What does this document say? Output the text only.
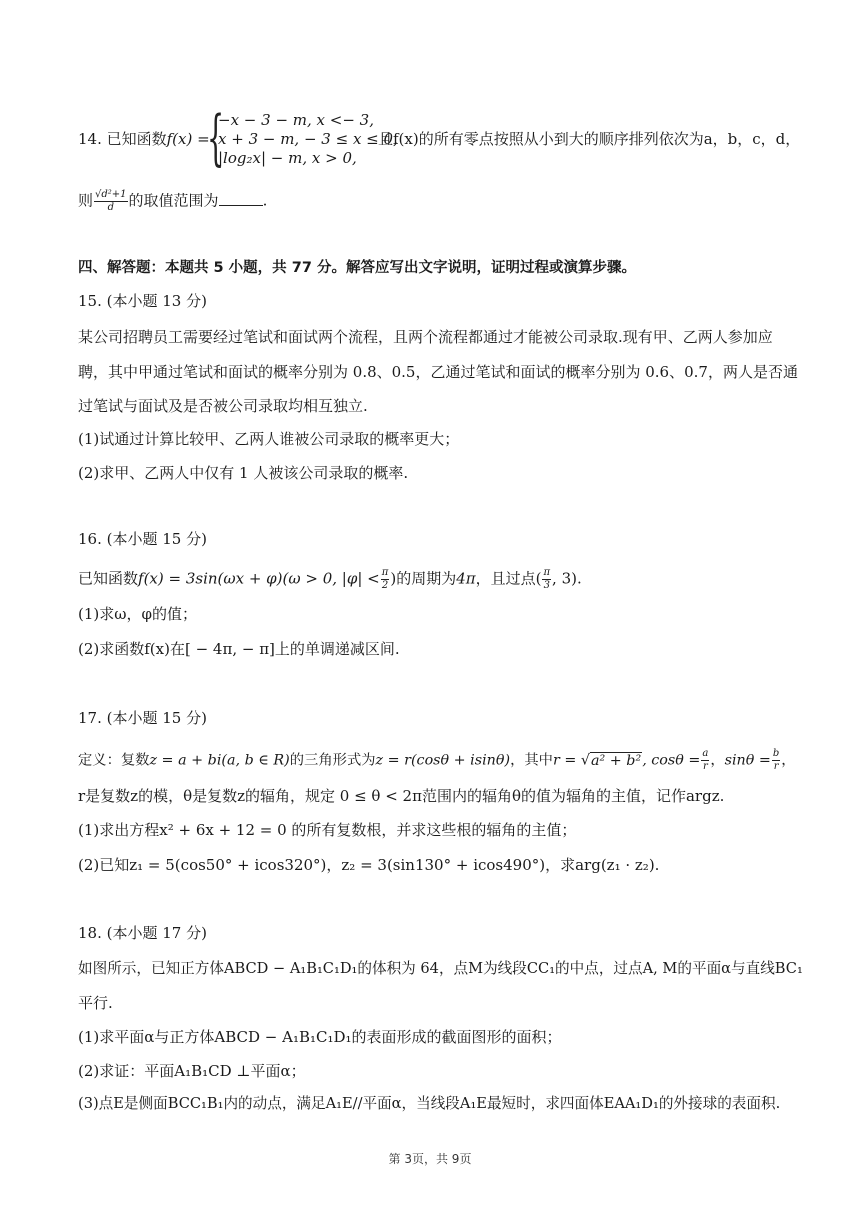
14. 已知函数f(x) =
{
−x − 3 − m, x <− 3,
x + 3 − m, − 3 ≤ x ≤ 0,
|log₂x| − m, x > 0,
且f(x)的所有零点按照从小到大的顺序排列依次为a，b，c，d，
则 $\frac{\text{√d²+1}}{d}$ 的取值范围为	.
四、解答题：本题共 5 小题，共 77 分。解答应写出文字说明，证明过程或演算步骤。
15. (本小题 13 分)
某公司招聘员工需要经过笔试和面试两个流程，且两个流程都通过才能被公司录取.现有甲、乙两人参加应
聘，其中甲通过笔试和面试的概率分别为 0.8、0.5，乙通过笔试和面试的概率分别为 0.6、0.7，两人是否通
过笔试与面试及是否被公司录取均相互独立.
(1)试通过计算比较甲、乙两人谁被公司录取的概率更大；
(2)求甲、乙两人中仅有 1 人被该公司录取的概率.
16. (本小题 15 分)
已知函数f(x) = 3sin(ωx + φ)(ω > 0, $|\varphi| < \frac{\pi}{2}$ )的周期为4π，且过点( $\frac{\pi}{3}$ , 3).
(1)求ω，φ的值；
(2)求函数f(x)在[ − 4π, − π]上的单调递减区间.
17. (本小题 15 分)
定义：复数z = a + bi(a, b ∈ R)的三角形式为z = r(cosθ + isinθ)，其中r = √a² + b², $\cos\theta = \frac{a}{r}$ ，$\sin\theta = \frac{b}{r}$ ，
r是复数z的模，θ是复数z的辐角，规定 0 ≤ θ < 2π范围内的辐角θ的值为辐角的主值，记作argz.
(1)求出方程x² + 6x + 12 = 0 的所有复数根，并求这些根的辐角的主值；
(2)已知z₁ = 5(cos50° + icos320°)，z₂ = 3(sin130° + icos490°)，求arg(z₁ · z₂).
18. (本小题 17 分)
如图所示，已知正方体ABCD − A₁B₁C₁D₁的体积为 64，点M为线段CC₁的中点，过点A, M的平面α与直线BC₁
平行.
(1)求平面α与正方体ABCD − A₁B₁C₁D₁的表面形成的截面图形的面积；
(2)求证：平面A₁B₁CD ⊥平面α；
(3)点E是侧面BCC₁B₁内的动点，满足A₁E//平面α，当线段A₁E最短时，求四面体EAA₁D₁的外接球的表面积.
第 3页，共 9页
